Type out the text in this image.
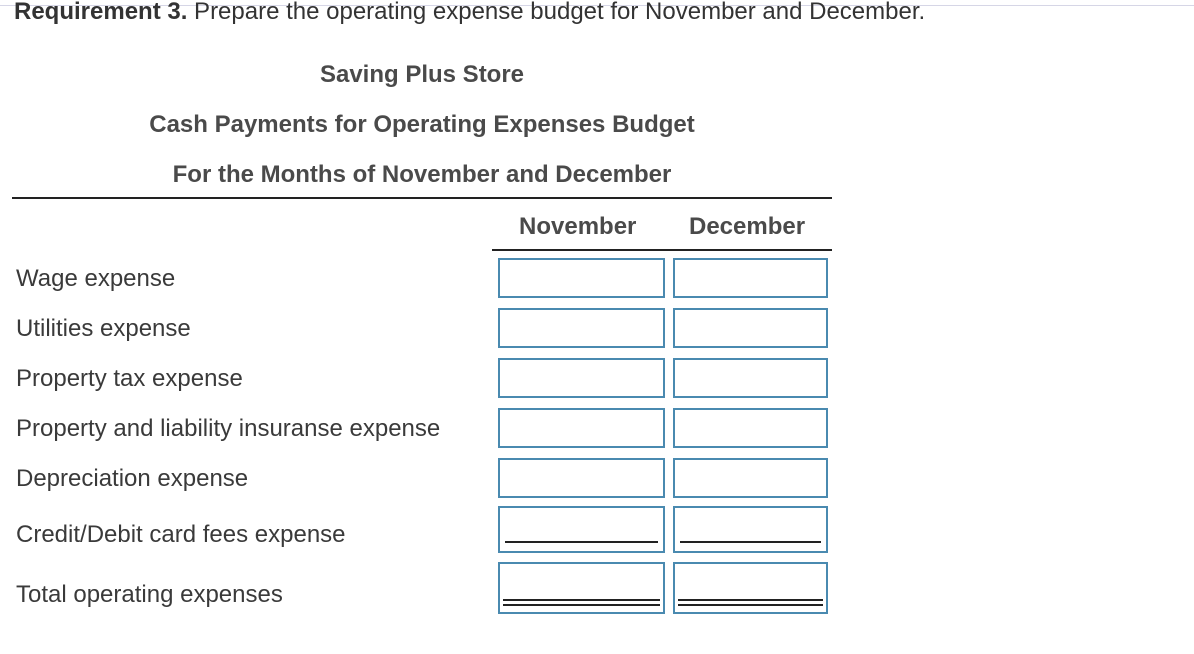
Requirement 3. Prepare the operating expense budget for November and December.
Saving Plus Store
Cash Payments for Operating Expenses Budget
For the Months of November and December
November December
Wage expense
Utilities expense
Property tax expense
Property and liability insuranse expense
Depreciation expense
Credit/Debit card fees expense
Total operating expenses
